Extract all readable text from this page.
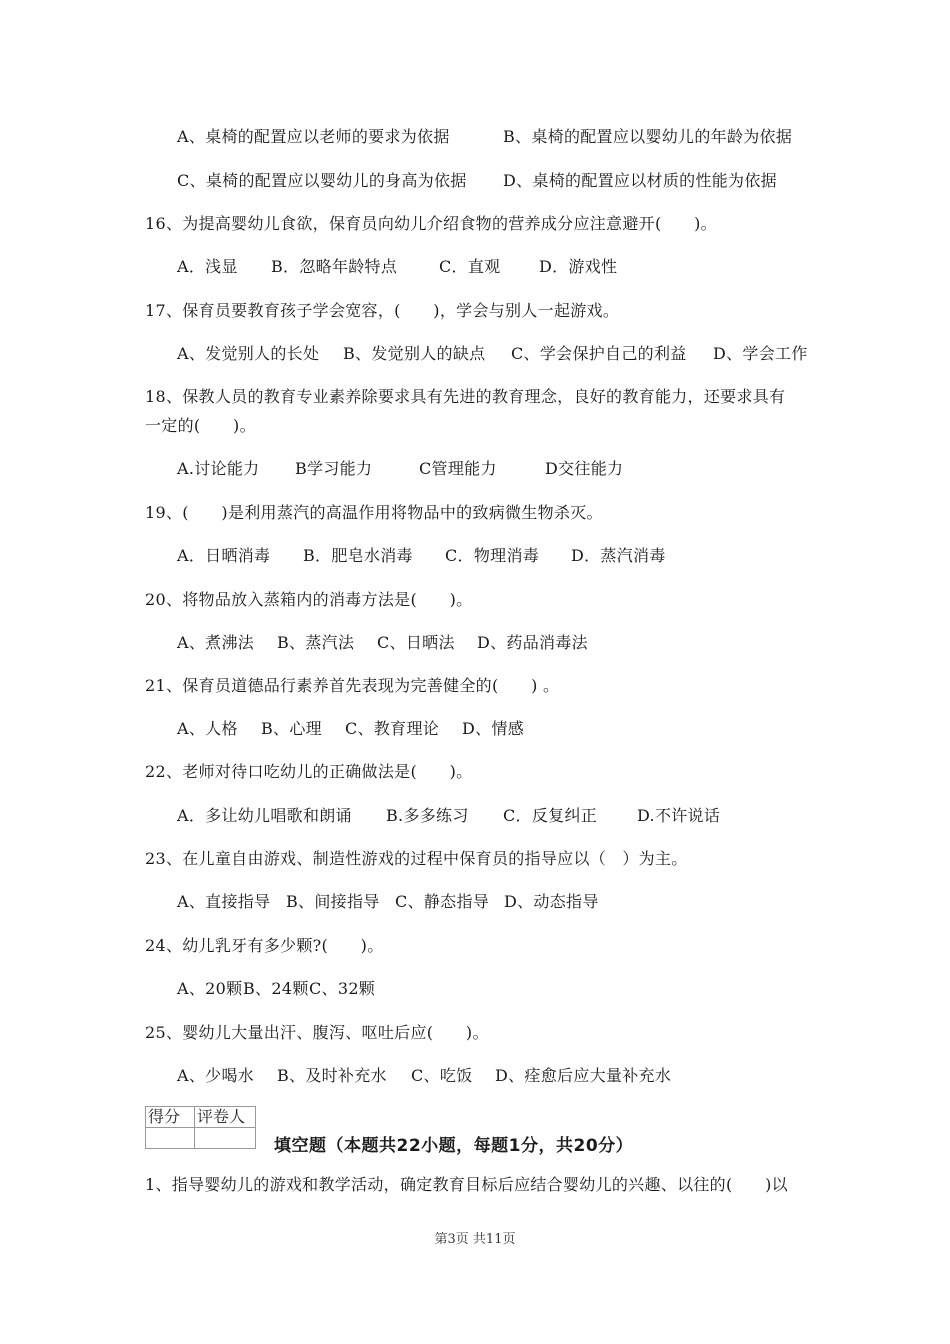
A、桌椅的配置应以老师的要求为依据	B、桌椅的配置应以婴幼儿的年龄为依据
C、桌椅的配置应以婴幼儿的身高为依据 D、桌椅的配置应以材质的性能为依据
16、为提高婴幼儿食欲，保育员向幼儿介绍食物的营养成分应注意避开(　　)。
A．浅显	B．忽略年龄特点	C．直观	D．游戏性
17、保育员要教育孩子学会宽容，(　　)，学会与别人一起游戏。
A、发觉别人的长处	B、发觉别人的缺点	C、学会保护自己的利益	D、学会工作
18、保教人员的教育专业素养除要求具有先进的教育理念，良好的教育能力，还要求具有
一定的(　　)。
A.讨论能力	B学习能力	C管理能力	D交往能力
19、(　　)是利用蒸汽的高温作用将物品中的致病微生物杀灭。
A．日晒消毒	B．肥皂水消毒	C．物理消毒	D．蒸汽消毒
20、将物品放入蒸箱内的消毒方法是(　　)。
A、煮沸法	B、蒸汽法	C、日晒法	D、药品消毒法
21、保育员道德品行素养首先表现为完善健全的(　　) 。
A、人格	B、心理	C、教育理论	D、情感
22、老师对待口吃幼儿的正确做法是(　　)。
A．多让幼儿唱歌和朗诵	B.多多练习	C．反复纠正	D.不许说话
23、在儿童自由游戏、制造性游戏的过程中保育员的指导应以（　）为主。
A、直接指导 B、间接指导 C、静态指导 D、动态指导
24、幼儿乳牙有多少颗?(　　)。
A、20颗 B、24颗 C、32颗
25、婴幼儿大量出汗、腹泻、呕吐后应(　　)。
A、少喝水	B、及时补充水	C、吃饭	D、痊愈后应大量补充水
得分	评卷人

填空题（本题共22小题，每题1分，共20分）
1、指导婴幼儿的游戏和教学活动，确定教育目标后应结合婴幼儿的兴趣、以往的(　　)以
第3页 共11页
